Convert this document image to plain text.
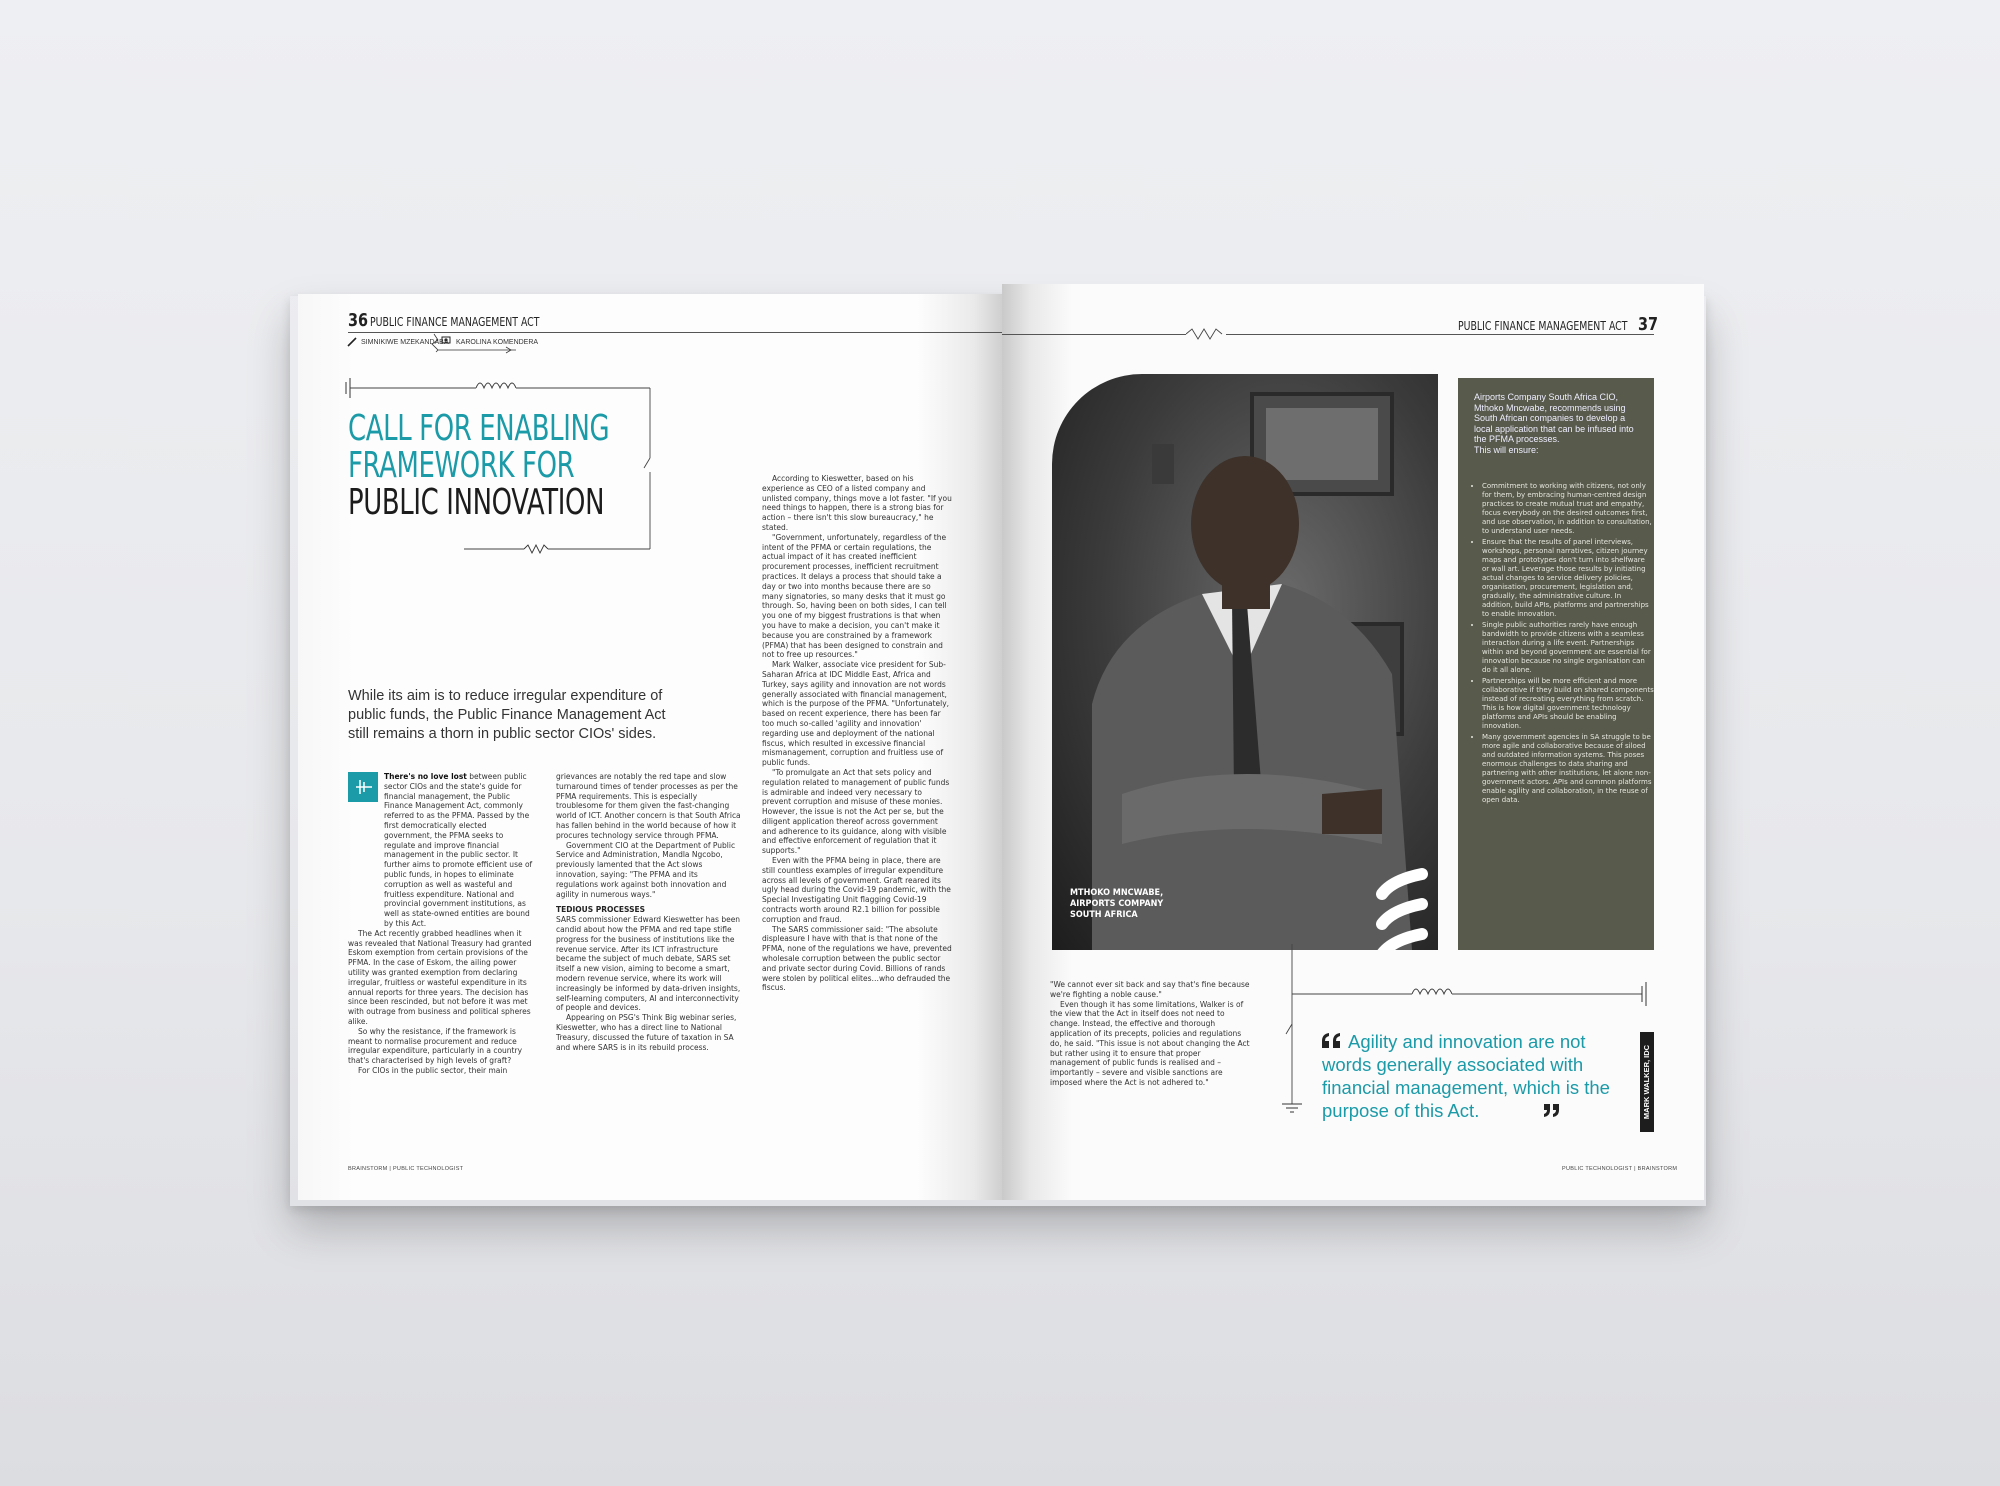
36 PUBLIC FINANCE MANAGEMENT ACT
SIMNIKIWE MZEKANDABA KAROLINA KOMENDERA
CALL FOR ENABLING
FRAMEWORK FOR
PUBLIC INNOVATION
While its aim is to reduce irregular expenditure of public funds, the Public Finance Management Act still remains a thorn in public sector CIOs' sides.

There's no love lost between public sector CIOs and the state's guide for financial management, the Public Finance Management Act, commonly referred to as the PFMA. Passed by the first democratically elected government, the PFMA seeks to regulate and improve financial management in the public sector. It further aims to promote efficient use of public funds, in hopes to eliminate corruption as well as wasteful and fruitless expenditure. National and provincial government institutions, as well as state-owned entities are bound by this Act.

The Act recently grabbed headlines when it was revealed that National Treasury had granted Eskom exemption from certain provisions of the PFMA. In the case of Eskom, the ailing power utility was granted exemption from declaring irregular, fruitless or wasteful expenditure in its annual reports for three years. The decision has since been rescinded, but not before it was met with outrage from business and political spheres alike.

So why the resistance, if the framework is meant to normalise procurement and reduce irregular expenditure, particularly in a country that's characterised by high levels of graft?

For CIOs in the public sector, their main

grievances are notably the red tape and slow turnaround times of tender processes as per the PFMA requirements. This is especially troublesome for them given the fast-changing world of ICT. Another concern is that South Africa has fallen behind in the world because of how it procures technology service through PFMA.

Government CIO at the Department of Public Service and Administration, Mandla Ngcobo, previously lamented that the Act slows innovation, saying: "The PFMA and its regulations work against both innovation and agility in numerous ways."

TEDIOUS PROCESSES

SARS commissioner Edward Kieswetter has been candid about how the PFMA and red tape stifle progress for the business of institutions like the revenue service. After its ICT infrastructure became the subject of much debate, SARS set itself a new vision, aiming to become a smart, modern revenue service, where its work will increasingly be informed by data-driven insights, self-learning computers, AI and interconnectivity of people and devices.

Appearing on PSG's Think Big webinar series, Kieswetter, who has a direct line to National Treasury, discussed the future of taxation in SA and where SARS is in its rebuild process.

According to Kieswetter, based on his experience as CEO of a listed company and unlisted company, things move a lot faster. "If you need things to happen, there is a strong bias for action – there isn't this slow bureaucracy," he stated.

"Government, unfortunately, regardless of the intent of the PFMA or certain regulations, the actual impact of it has created inefficient procurement processes, inefficient recruitment practices. It delays a process that should take a day or two into months because there are so many signatories, so many desks that it must go through. So, having been on both sides, I can tell you one of my biggest frustrations is that when you have to make a decision, you can't make it because you are constrained by a framework (PFMA) that has been designed to constrain and not to free up resources."

Mark Walker, associate vice president for Sub-Saharan Africa at IDC Middle East, Africa and Turkey, says agility and innovation are not words generally associated with financial management, which is the purpose of the PFMA. "Unfortunately, based on recent experience, there has been far too much so-called 'agility and innovation' regarding use and deployment of the national fiscus, which resulted in excessive financial mismanagement, corruption and fruitless use of public funds.

"To promulgate an Act that sets policy and regulation related to management of public funds is admirable and indeed very necessary to prevent corruption and misuse of these monies. However, the issue is not the Act per se, but the diligent application thereof across government and adherence to its guidance, along with visible and effective enforcement of regulation that it supports."

Even with the PFMA being in place, there are still countless examples of irregular expenditure across all levels of government. Graft reared its ugly head during the Covid-19 pandemic, with the Special Investigating Unit flagging Covid-19 contracts worth around R2.1 billion for possible corruption and fraud.

The SARS commissioner said: "The absolute displeasure I have with that is that none of the PFMA, none of the regulations we have, prevented wholesale corruption between the public sector and private sector during Covid. Billions of rands were stolen by political elites…who defrauded the fiscus.

BRAINSTORM | PUBLIC TECHNOLOGIST
PUBLIC FINANCE MANAGEMENT ACT 37
MTHOKO MNCWABE,
AIRPORTS COMPANY
SOUTH AFRICA
Airports Company South Africa CIO, Mthoko Mncwabe, recommends using South African companies to develop a local application that can be infused into the PFMA processes.
This will ensure:
• Commitment to working with citizens, not only for them, by embracing human-centred design practices to create mutual trust and empathy, focus everybody on the desired outcomes first, and use observation, in addition to consultation, to understand user needs.
• Ensure that the results of panel interviews, workshops, personal narratives, citizen journey maps and prototypes don't turn into shelfware or wall art. Leverage those results by initiating actual changes to service delivery policies, organisation, procurement, legislation and, gradually, the administrative culture. In addition, build APIs, platforms and partnerships to enable innovation.
• Single public authorities rarely have enough bandwidth to provide citizens with a seamless interaction during a life event. Partnerships within and beyond government are essential for innovation because no single organisation can do it all alone.
• Partnerships will be more efficient and more collaborative if they build on shared components instead of recreating everything from scratch. This is how digital government technology platforms and APIs should be enabling innovation.
• Many government agencies in SA struggle to be more agile and collaborative because of siloed and outdated information systems. This poses enormous challenges to data sharing and partnering with other institutions, let alone non-government actors. APIs and common platforms enable agility and collaboration, in the reuse of open data.

"We cannot ever sit back and say that's fine because we're fighting a noble cause."

Even though it has some limitations, Walker is of the view that the Act in itself does not need to change. Instead, the effective and thorough application of its precepts, policies and regulations do, he said. "This issue is not about changing the Act but rather using it to ensure that proper management of public funds is realised and – importantly – severe and visible sanctions are imposed where the Act is not adhered to."

Agility and innovation are not words generally associated with financial management, which is the purpose of this Act.	MARK WALKER, IDC
PUBLIC TECHNOLOGIST | BRAINSTORM
